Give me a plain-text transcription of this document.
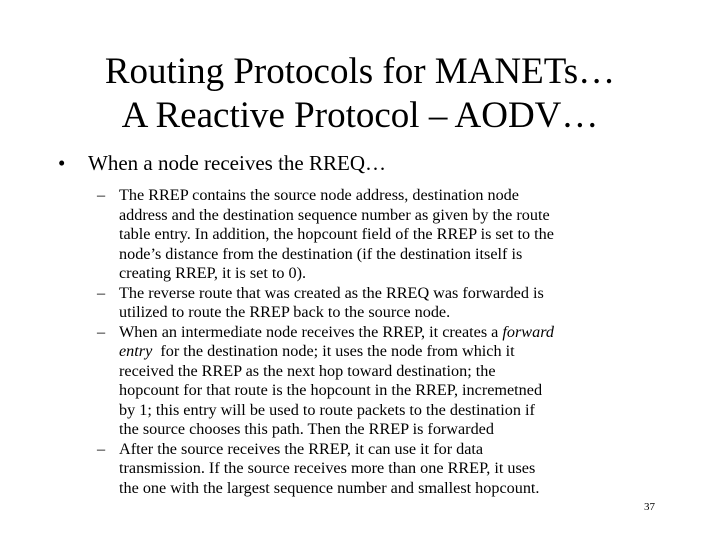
Routing Protocols for MANETs…
A Reactive Protocol – AODV…
• When a node receives the RREQ…
– The RREP contains the source node address, destination node
address and the destination sequence number as given by the route
table entry. In addition, the hopcount field of the RREP is set to the
node’s distance from the destination (if the destination itself is
creating RREP, it is set to 0).
– The reverse route that was created as the RREQ was forwarded is
utilized to route the RREP back to the source node.
– When an intermediate node receives the RREP, it creates a forward
entry  for the destination node; it uses the node from which it
received the RREP as the next hop toward destination; the
hopcount for that route is the hopcount in the RREP, incremetned
by 1; this entry will be used to route packets to the destination if
the source chooses this path. Then the RREP is forwarded
– After the source receives the RREP, it can use it for data
transmission. If the source receives more than one RREP, it uses
the one with the largest sequence number and smallest hopcount.
37
